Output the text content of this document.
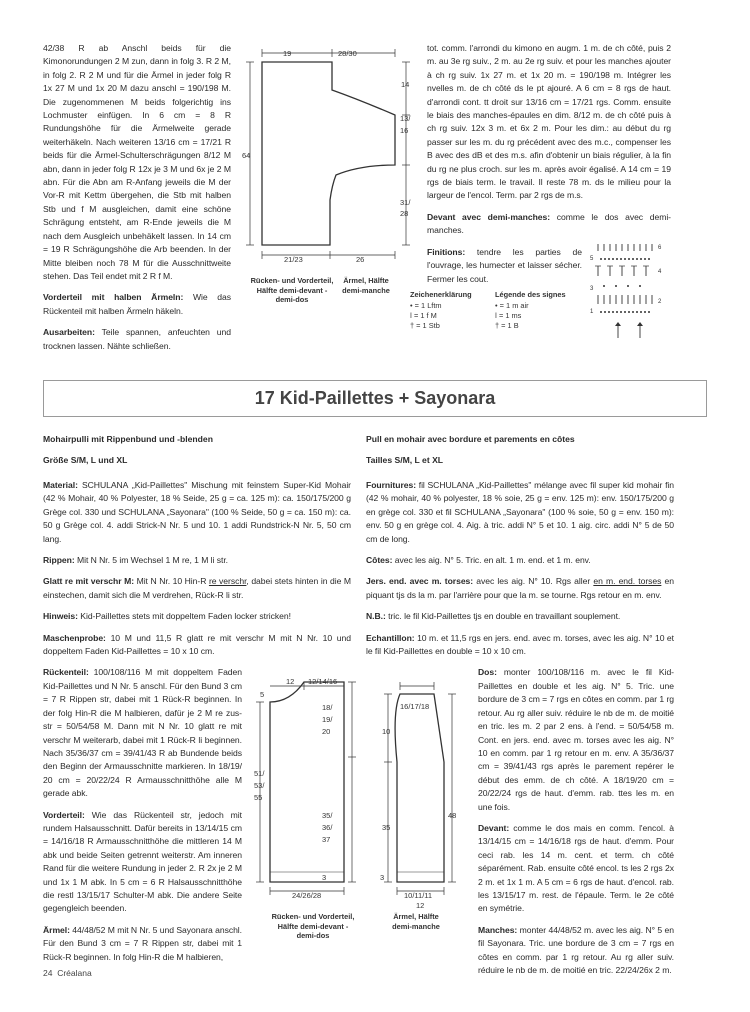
42/38 R ab Anschl beids für die Kimonorundungen 2 M zun, dann in folg 3. R 2 M, in folg 2. R 2 M und für die Ärmel in jeder folg R 1x 27 M und 1x 20 M dazu anschl = 190/198 M. Die zugenommenen M beids folgerichtig ins Lochmuster einfügen. In 6 cm = 8 R Rundungshöhe für die Ärmelweite gerade weiterhäkeln. Nach weiteren 13/16 cm = 17/21 R beids für die Ärmel-Schulterschrägungen 8/12 M abn, dann in jeder folg R 12x je 3 M und 6x je 2 M abn. Für die Abn am R-Anfang jeweils die M der Vor-R mit Kettm übergehen, die Stb mit halben Stb und f M ausgleichen, damit eine schöne Schrägung entsteht, am R-Ende jeweils die M nach dem Ausgleich unbehäkelt lassen. In 14 cm = 19 R Schrägungshöhe die Arb beenden. In der Mitte bleiben noch 78 M für die Ausschnittweite stehen. Das Teil endet mit 2 R f M.

Vorderteil mit halben Ärmeln: Wie das Rückenteil mit halben Ärmeln häkeln.

Ausarbeiten: Teile spannen, anfeuchten und trocknen lassen. Nähte schließen.

19	28/30
64
14
13/
16
31/
28
21/23	26
Rücken- und Vorderteil, Hälfte demi-devant - demi-dos
Ärmel, Hälfte demi-manche	Zeichenerklärung
• = 1 Lftm
ǀ = 1 f M
† = 1 Stb
Légende des signes
• = 1 m air
ǀ = 1 ms
† = 1 B
6
5
4
3
2
1

tot. comm. l'arrondi du kimono en augm. 1 m. de ch côté, puis 2 m. au 3e rg suiv., 2 m. au 2e rg suiv. et pour les manches ajouter à ch rg suiv. 1x 27 m. et 1x 20 m. = 190/198 m. Intégrer les nvelles m. de ch côté ds le pt ajouré. A 6 cm = 8 rgs de haut. d'arrondi cont. tt droit sur 13/16 cm = 17/21 rgs. Comm. ensuite le biais des manches-épaules en dim. 8/12 m. de ch côté puis à ch rg suiv. 12x 3 m. et 6x 2 m. Pour les dim.: au début du rg passer sur les m. du rg précédent avec des m.c., compenser les B avec des dB et des m.s. afin d'obtenir un biais régulier, à la fin du rg ne plus croch. sur les m. après avoir égalisé. A 14 cm = 19 rgs de biais term. le travail. Il reste 78 m. ds le milieu pour la largeur de l'encol. Term. par 2 rgs de m.s.

Devant avec demi-manches: comme le dos avec demi-manches.

Finitions: tendre les parties de l'ouvrage, les humecter et laisser sécher. Fermer les cout.

17 Kid-Paillettes + Sayonara
Mohairpulli mit Rippenbund und -blenden
Größe S/M, L und XL

Material: SCHULANA „Kid-Paillettes" Mischung mit feinstem Super-Kid Mohair (42 % Mohair, 40 % Polyester, 18 % Seide, 25 g = ca. 125 m): ca. 150/175/200 g Grège col. 330 und SCHULANA „Sayonara" (100 % Seide, 50 g = ca. 150 m): ca. 50 g Grège col. 4. addi Strick-N Nr. 5 und 10. 1 addi Rundstrick-N Nr. 5, 50 cm lang.

Rippen: Mit N Nr. 5 im Wechsel 1 M re, 1 M li str.

Glatt re mit verschr M: Mit N Nr. 10 Hin-R re verschr, dabei stets hinten in die M einstechen, damit sich die M verdrehen, Rück-R li str.

Hinweis: Kid-Paillettes stets mit doppeltem Faden locker stricken!

Maschenprobe: 10 M und 11,5 R glatt re mit verschr M mit N Nr. 10 und doppeltem Faden Kid-Paillettes = 10 x 10 cm.

Rückenteil: 100/108/116 M mit doppeltem Faden Kid-Paillettes und N Nr. 5 anschl. Für den Bund 3 cm = 7 R Rippen str, dabei mit 1 Rück-R beginnen. In der folg Hin-R die M halbieren, dafür je 2 M re zus-str = 50/54/58 M. Dann mit N Nr. 10 glatt re mit verschr M weiterarb, dabei mit 1 Rück-R li beginnen. Nach 35/36/37 cm = 39/41/43 R ab Bundende beids den Beginn der Armausschnitte markieren. In 18/19/ 20 cm = 20/22/24 R Armausschnitthöhe alle M gerade abk.

Vorderteil: Wie das Rückenteil str, jedoch mit rundem Halsausschnitt. Dafür bereits in 13/14/15 cm = 14/16/18 R Armausschnitthöhe die mittleren 14 M abk und beide Seiten getrennt weiterstr. Am inneren Rand für die weitere Rundung in jeder 2. R 2x je 2 M und 1x 1 M abk. In 5 cm = 6 R Halsausschnitthöhe die restl 13/15/17 Schulter-M abk. Die andere Seite gegengleich beenden.

Ärmel: 44/48/52 M mit N Nr. 5 und Sayonara anschl. Für den Bund 3 cm = 7 R Rippen str, dabei mit 1 Rück-R beginnen. In folg Hin-R die M halbieren,

Pull en mohair avec bordure et parements en côtes
Tailles S/M, L et XL

Fournitures: fil SCHULANA „Kid-Paillettes" mélange avec fil super kid mohair fin (42 % mohair, 40 % polyester, 18 % soie, 25 g = env. 125 m): env. 150/175/200 g en grège col. 330 et fil SCHULANA „Sayonara" (100 % soie, 50 g = env. 150 m): env. 50 g en grège col. 4. Aig. à tric. addi N° 5 et 10. 1 aig. circ. addi N° 5 de 50 cm de long.

Côtes: avec les aig. N° 5. Tric. en alt. 1 m. end. et 1 m. env.

Jers. end. avec m. torses: avec les aig. N° 10. Rgs aller en m. end. torses en piquant tjs ds la m. par l'arrière pour que la m. se tourne. Rgs retour en m. env.

N.B.: tric. le fil Kid-Paillettes tjs en double en travaillant souplement.

Echantillon: 10 m. et 11,5 rgs en jers. end. avec m. torses, avec les aig. N° 10 et le fil Kid-Paillettes en double = 10 x 10 cm.

Dos: monter 100/108/116 m. avec le fil Kid-Paillettes en double et les aig. N° 5. Tric. une bordure de 3 cm = 7 rgs en côtes en comm. par 1 rg retour. Au rg aller suiv. réduire le nb de m. de moitié en tric. les m. 2 par 2 ens. à l'end. = 50/54/58 m. Cont. en jers. end. avec m. torses avec les aig. N° 10 en comm. par 1 rg retour en m. env. A 35/36/37 cm = 39/41/43 rgs après le parement repérer le début des emm. de ch côté. A 18/19/20 cm = 20/22/24 rgs de haut. d'emm. rab. ttes les m. en une fois.

Devant: comme le dos mais en comm. l'encol. à 13/14/15 cm = 14/16/18 rgs de haut. d'emm. Pour ceci rab. les 14 m. cent. et term. ch côté séparément. Rab. ensuite côté encol. ts les 2 rgs 2x 2 m. et 1x 1 m. A 5 cm = 6 rgs de haut. d'encol. rab. les 13/15/17 m. rest. de l'épaule. Term. le 2e côté en symétrie.

Manches: monter 44/48/52 m. avec les aig. N° 5 en fil Sayonara. Tric. une bordure de 3 cm = 7 rgs en côtes en comm. par 1 rg retour. Au rg aller suiv. réduire le nb de m. de moitié en tric. 22/24/26x 2 m.

12 12/14/16
5
18/
19/
20
51/
53/
55
35/
36/
37
3
24/26/28
16/17/18
10
48
35
3
10/11/11
12
Rücken- und Vorderteil, Hälfte demi-devant - demi-dos
Ärmel, Hälfte demi-manche
24 Créalana
